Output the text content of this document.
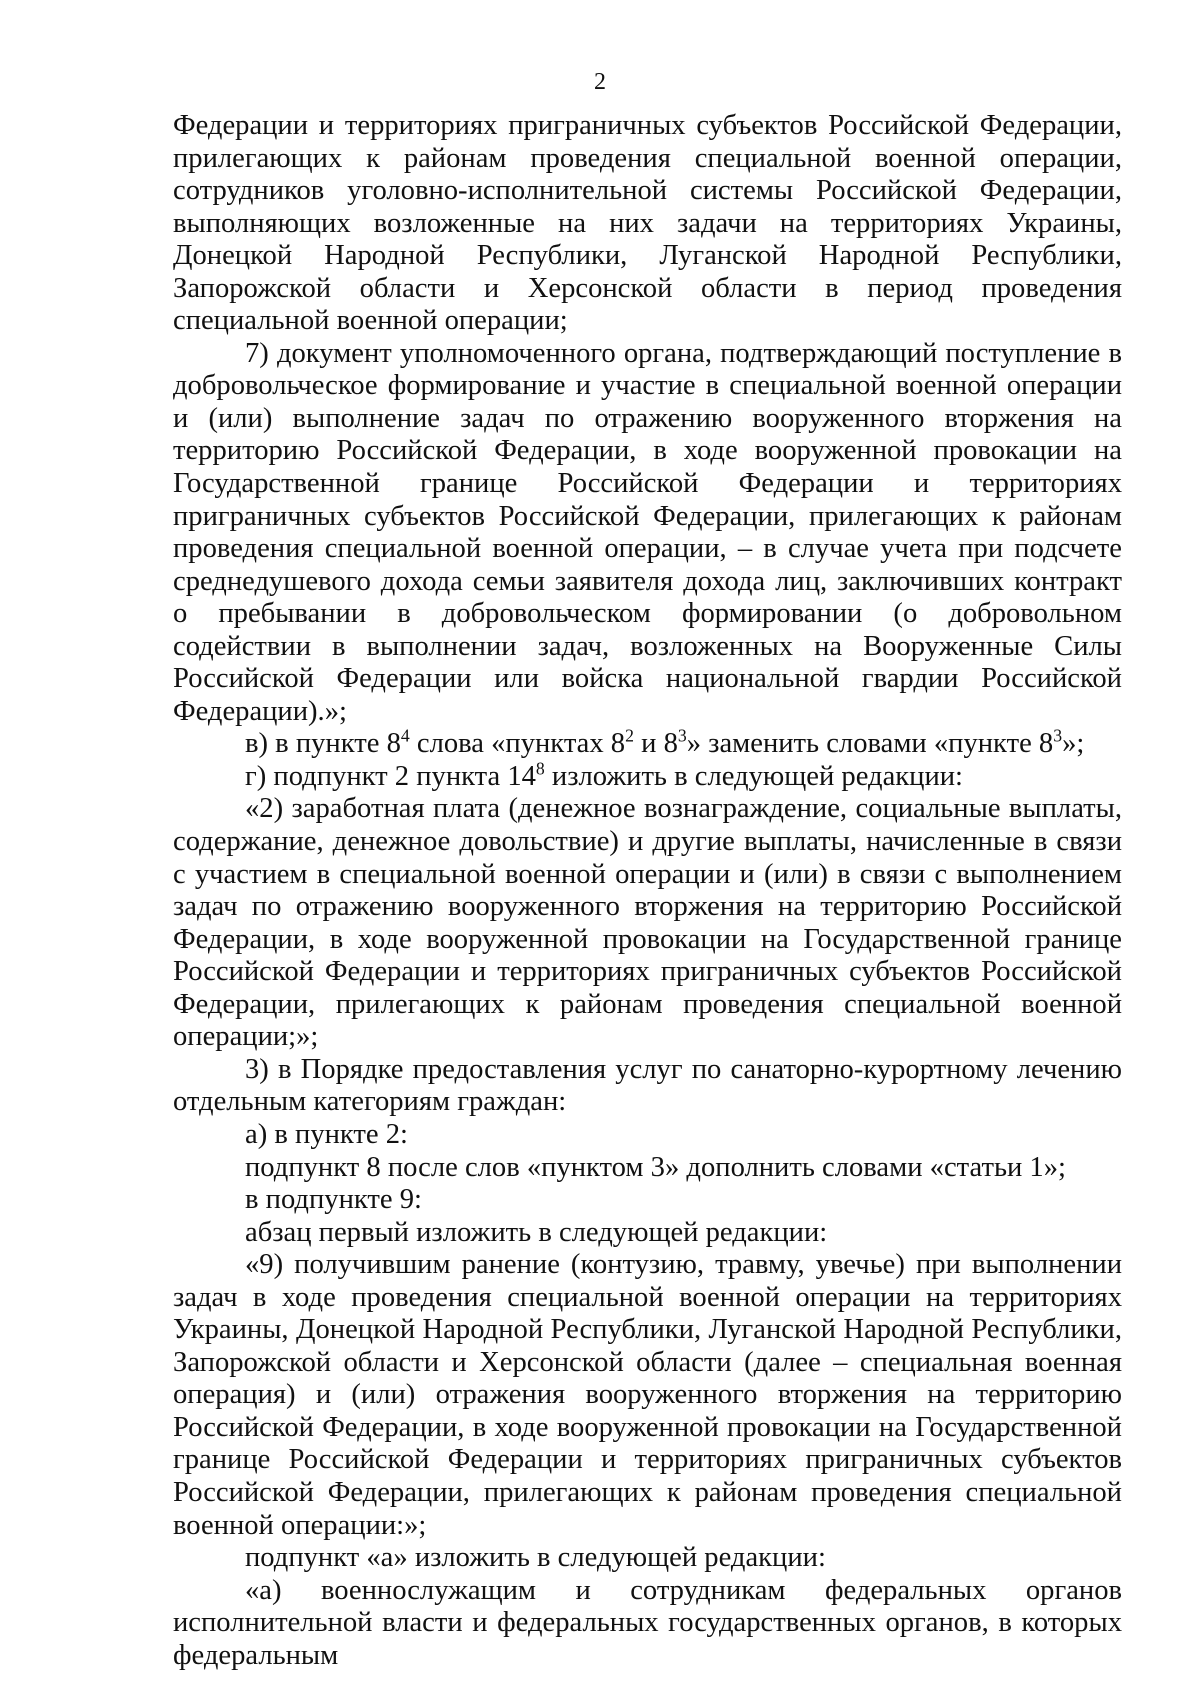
2

Федерации и территориях приграничных субъектов Российской Федерации, прилегающих к районам проведения специальной военной операции, сотрудников уголовно-исполнительной системы Российской Федерации, выполняющих возложенные на них задачи на территориях Украины, Донецкой Народной Республики, Луганской Народной Республики, Запорожской области и Херсонской области в период проведения специальной военной операции;

7) документ уполномоченного органа, подтверждающий поступление в добровольческое формирование и участие в специальной военной операции и (или) выполнение задач по отражению вооруженного вторжения на территорию Российской Федерации, в ходе вооруженной провокации на Государственной границе Российской Федерации и территориях приграничных субъектов Российской Федерации, прилегающих к районам проведения специальной военной операции, – в случае учета при подсчете среднедушевого дохода семьи заявителя дохода лиц, заключивших контракт о пребывании в добровольческом формировании (о добровольном содействии в выполнении задач, возложенных на Вооруженные Силы Российской Федерации или войска национальной гвардии Российской Федерации).»;

в) в пункте $8^4$ слова «пунктах $8^2$ и $8^3$» заменить словами «пункте $8^3$»;

г) подпункт 2 пункта $14^8$ изложить в следующей редакции:

«2) заработная плата (денежное вознаграждение, социальные выплаты, содержание, денежное довольствие) и другие выплаты, начисленные в связи с участием в специальной военной операции и (или) в связи с выполнением задач по отражению вооруженного вторжения на территорию Российской Федерации, в ходе вооруженной провокации на Государственной границе Российской Федерации и территориях приграничных субъектов Российской Федерации, прилегающих к районам проведения специальной военной операции;»;

3) в Порядке предоставления услуг по санаторно-курортному лечению отдельным категориям граждан:

а) в пункте 2:

подпункт 8 после слов «пунктом 3» дополнить словами «статьи 1»;

в подпункте 9:

абзац первый изложить в следующей редакции:

«9) получившим ранение (контузию, травму, увечье) при выполнении задач в ходе проведения специальной военной операции на территориях Украины, Донецкой Народной Республики, Луганской Народной Республики, Запорожской области и Херсонской области (далее – специальная военная операция) и (или) отражения вооруженного вторжения на территорию Российской Федерации, в ходе вооруженной провокации на Государственной границе Российской Федерации и территориях приграничных субъектов Российской Федерации, прилегающих к районам проведения специальной военной операции:»;

подпункт «а» изложить в следующей редакции:

«а) военнослужащим и сотрудникам федеральных органов исполнительной власти и федеральных государственных органов, в которых федеральным
